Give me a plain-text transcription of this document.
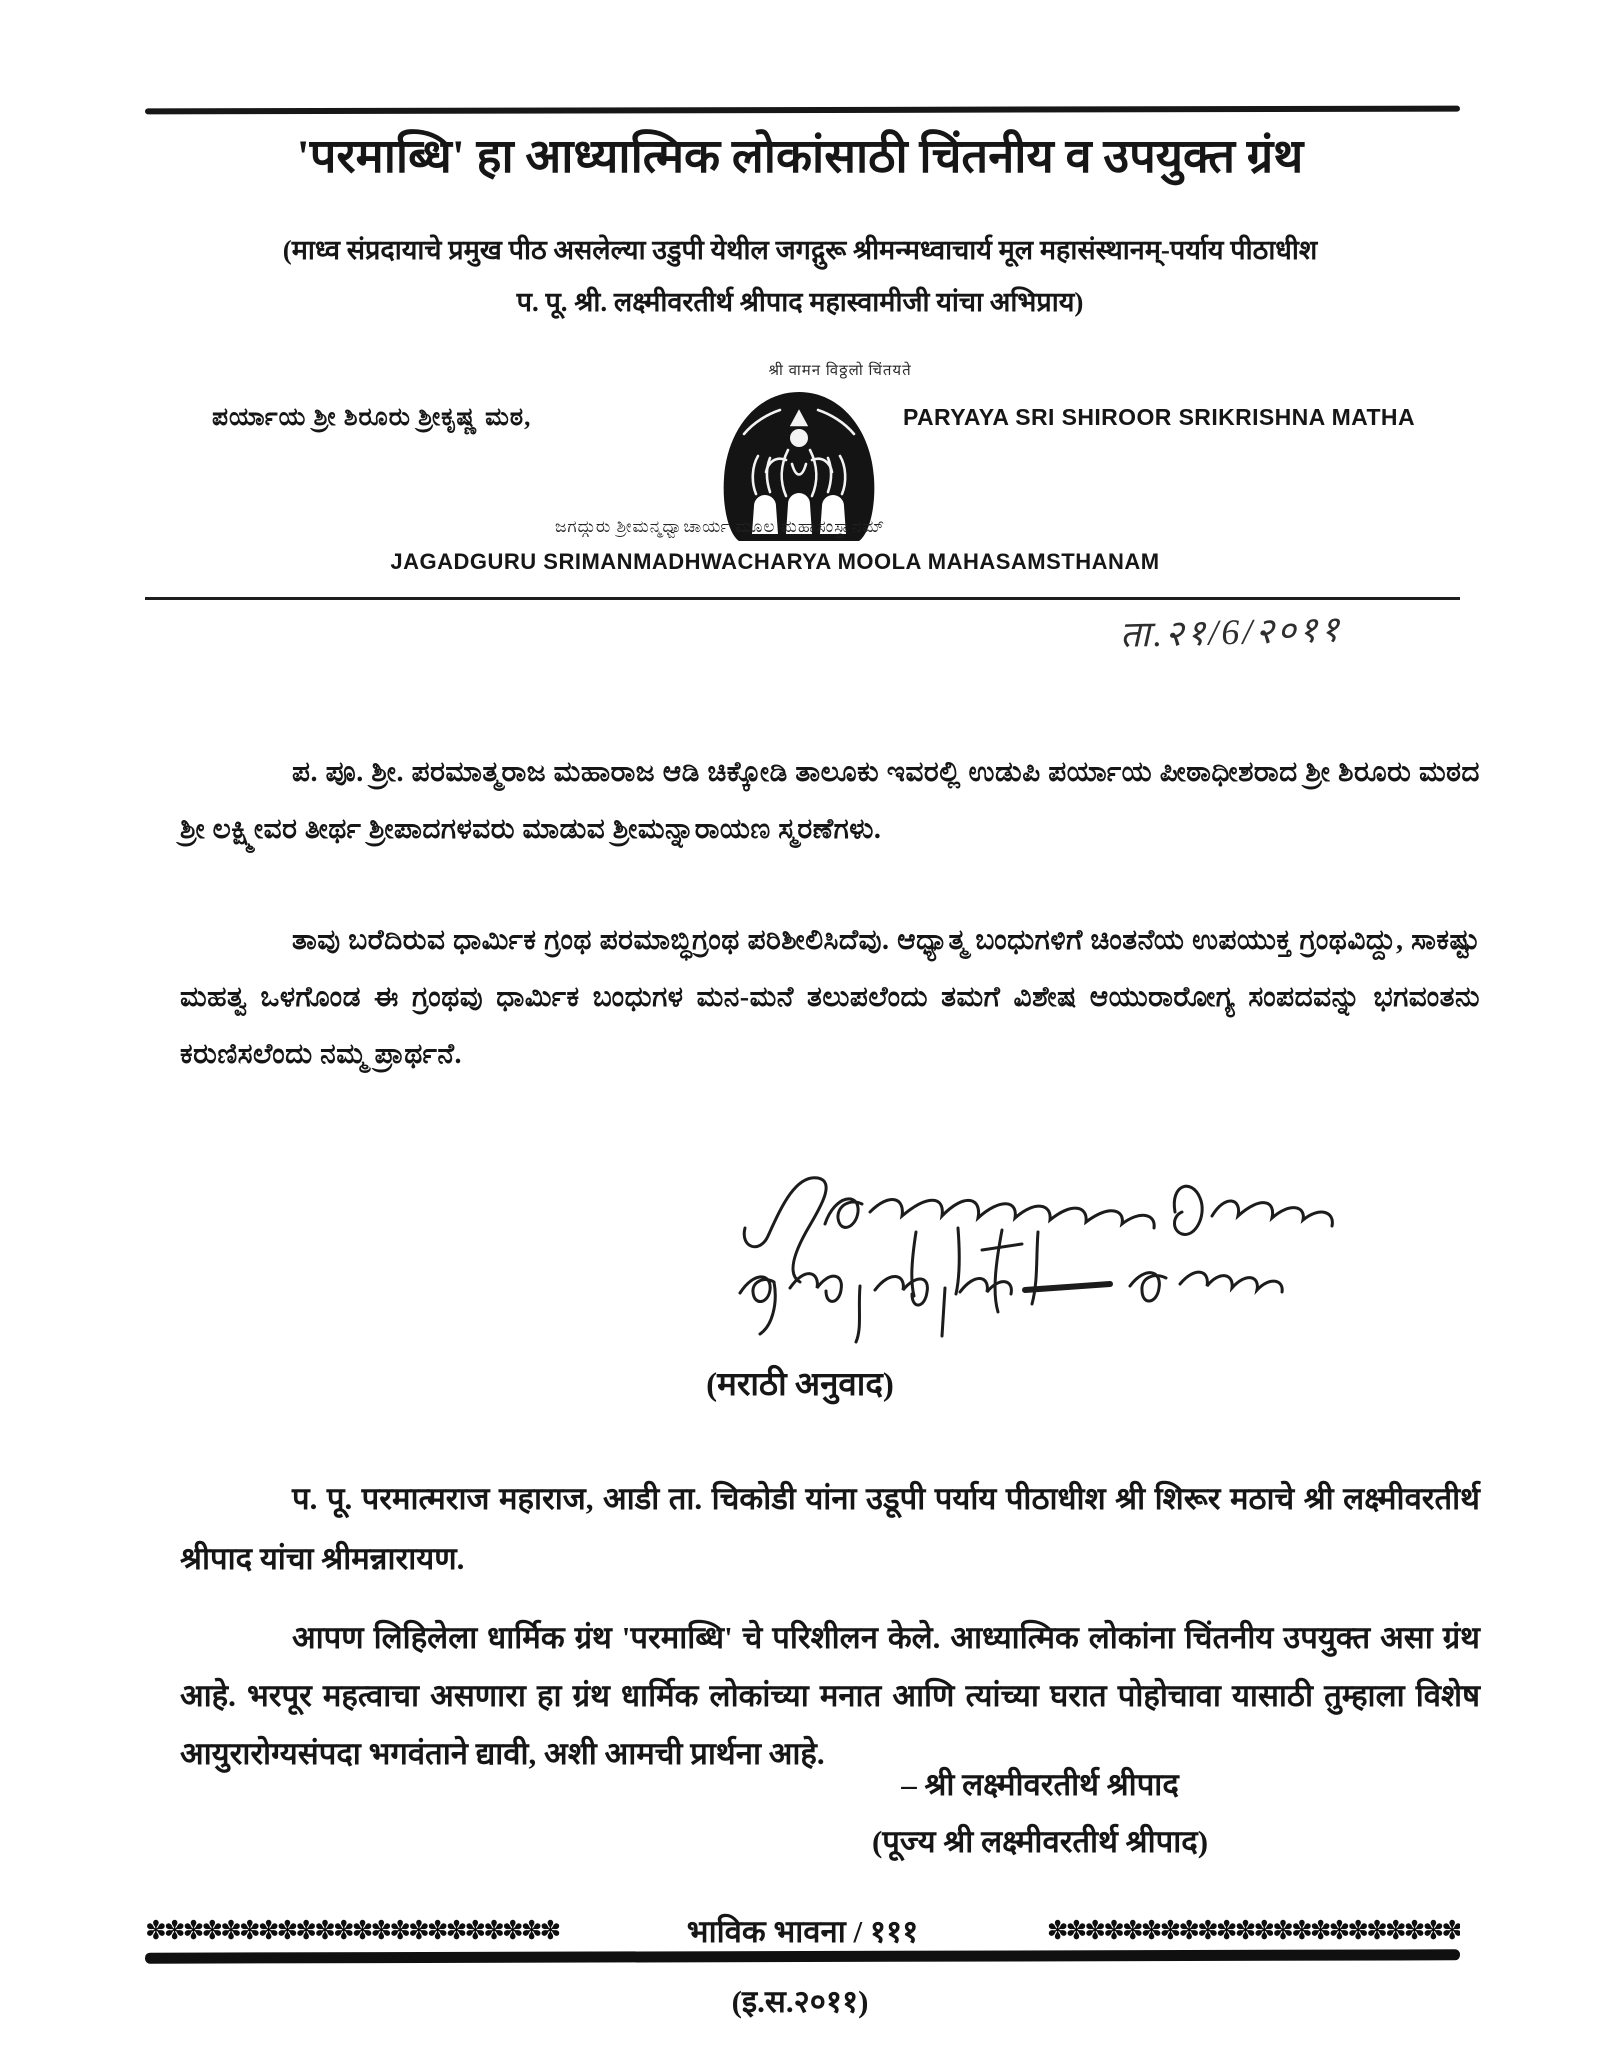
'परमाब्धि' हा आध्यात्मिक लोकांसाठी चिंतनीय व उपयुक्त ग्रंथ
(माध्व संप्रदायाचे प्रमुख पीठ असलेल्या उडुपी येथील जगद्गुरू श्रीमन्मध्वाचार्य मूल महासंस्थानम्-पर्याय पीठाधीश
प. पू. श्री. लक्ष्मीवरतीर्थ श्रीपाद महास्वामीजी यांचा अभिप्राय)
श्री वामन विठ्ठलो चिंतयते
ಪರ್ಯಾಯ ಶ್ರೀ ಶಿರೂರು ಶ್ರೀಕೃಷ್ಣ ಮಠ,	PARYAYA SRI SHIROOR SRIKRISHNA MATHA
ಜಗದ್ಗುರು ಶ್ರೀಮನ್ಮಧ್ವಾಚಾರ್ಯ ಮೂಲ ಮಹಾಸಂಸ್ಥಾನಮ್
JAGADGURU SRIMANMADHWACHARYA MOOLA MAHASAMSTHANAM
ता.२१/6/२०११

ಪ. ಪೂ. ಶ್ರೀ. ಪರಮಾತ್ಮರಾಜ ಮಹಾರಾಜ ಆಡಿ ಚಿಕ್ಕೋಡಿ ತಾಲೂಕು ಇವರಲ್ಲಿ ಉಡುಪಿ ಪರ್ಯಾಯ ಪೀಠಾಧೀಶರಾದ ಶ್ರೀ ಶಿರೂರು ಮಠದ ಶ್ರೀ ಲಕ್ಷ್ಮೀವರ ತೀರ್ಥ ಶ್ರೀಪಾದಗಳವರು ಮಾಡುವ ಶ್ರೀಮನ್ನಾರಾಯಣ ಸ್ಮರಣೆಗಳು.

ತಾವು ಬರೆದಿರುವ ಧಾರ್ಮಿಕ ಗ್ರಂಥ ಪರಮಾಬ್ಧಿಗ್ರಂಥ ಪರಿಶೀಲಿಸಿದೆವು. ಆಧ್ಯಾತ್ಮ ಬಂಧುಗಳಿಗೆ ಚಿಂತನೆಯ ಉಪಯುಕ್ತ ಗ್ರಂಥವಿದ್ದು, ಸಾಕಷ್ಟು ಮಹತ್ವ ಒಳಗೊಂಡ ಈ ಗ್ರಂಥವು ಧಾರ್ಮಿಕ ಬಂಧುಗಳ ಮನ-ಮನೆ ತಲುಪಲೆಂದು ತಮಗೆ ವಿಶೇಷ ಆಯುರಾರೋಗ್ಯ ಸಂಪದವನ್ನು ಭಗವಂತನು ಕರುಣಿಸಲೆಂದು ನಮ್ಮ ಪ್ರಾರ್ಥನೆ.

(मराठी अनुवाद)

प. पू. परमात्मराज महाराज, आडी ता. चिकोडी यांना उडूपी पर्याय पीठाधीश श्री शिरूर मठाचे श्री लक्ष्मीवरतीर्थ श्रीपाद यांचा श्रीमन्नारायण.

आपण लिहिलेला धार्मिक ग्रंथ 'परमाब्धि' चे परिशीलन केले. आध्यात्मिक लोकांना चिंतनीय उपयुक्त असा ग्रंथ आहे. भरपूर महत्वाचा असणारा हा ग्रंथ धार्मिक लोकांच्या मनात आणि त्यांच्या घरात पोहोचावा यासाठी तुम्हाला विशेष आयुरारोग्यसंपदा भगवंताने द्यावी, अशी आमची प्रार्थना आहे.

– श्री लक्ष्मीवरतीर्थ श्रीपाद
(पूज्य श्री लक्ष्मीवरतीर्थ श्रीपाद)
✽✽✽✽✽✽✽✽✽✽✽✽✽✽✽✽✽✽✽✽✽✽	भाविक भावना / १११	✽✽✽✽✽✽✽✽✽✽✽✽✽✽✽✽✽✽✽✽✽✽
(इ.स.२०११)
